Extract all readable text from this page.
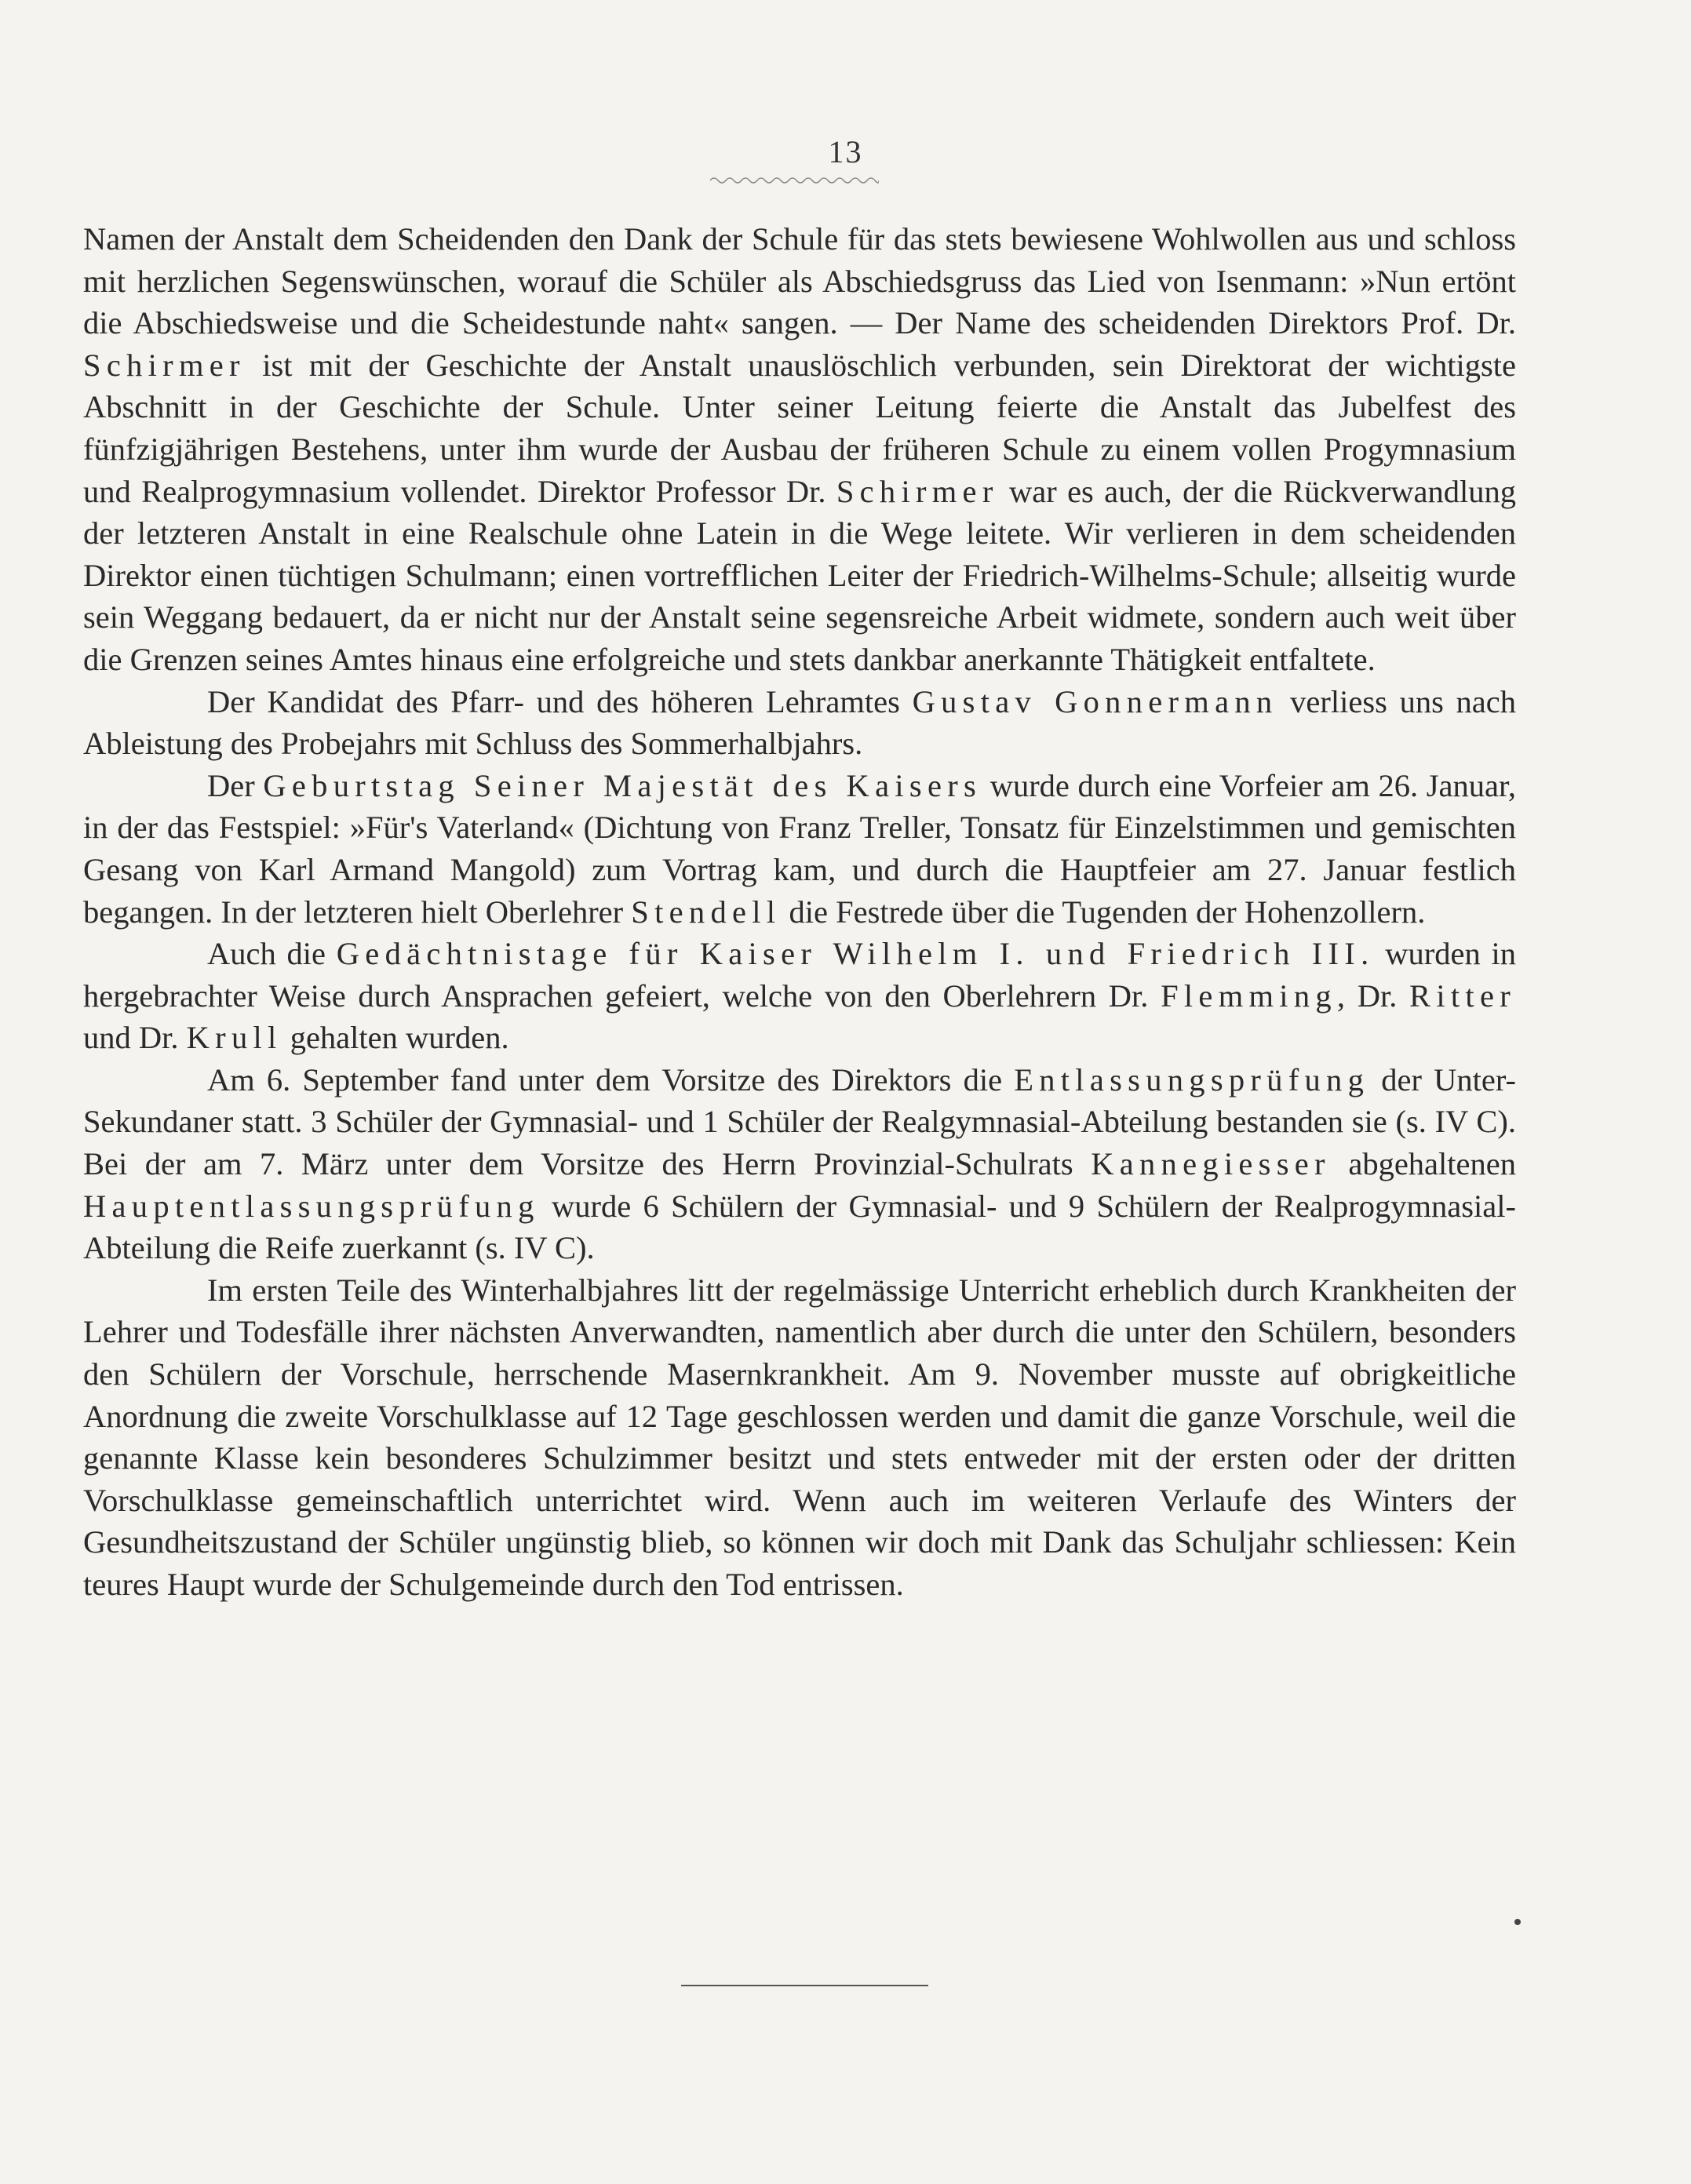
13

Namen der Anstalt dem Scheidenden den Dank der Schule für das stets bewiesene Wohlwollen aus und schloss mit herzlichen Segenswünschen, worauf die Schüler als Abschiedsgruss das Lied von Isenmann: »Nun ertönt die Abschiedsweise und die Scheidestunde naht« sangen. — Der Name des scheidenden Direktors Prof. Dr. Schirmer ist mit der Geschichte der Anstalt unauslöschlich verbunden, sein Direktorat der wichtigste Abschnitt in der Geschichte der Schule. Unter seiner Leitung feierte die Anstalt das Jubelfest des fünfzigjährigen Bestehens, unter ihm wurde der Ausbau der früheren Schule zu einem vollen Progymnasium und Realprogymnasium vollendet. Direktor Professor Dr. Schirmer war es auch, der die Rückverwandlung der letzteren Anstalt in eine Realschule ohne Latein in die Wege leitete. Wir verlieren in dem scheidenden Direktor einen tüchtigen Schulmann; einen vortrefflichen Leiter der Friedrich-Wilhelms-Schule; allseitig wurde sein Weggang bedauert, da er nicht nur der Anstalt seine segensreiche Arbeit widmete, sondern auch weit über die Grenzen seines Amtes hinaus eine erfolgreiche und stets dankbar anerkannte Thätigkeit entfaltete.

Der Kandidat des Pfarr- und des höheren Lehramtes Gustav Gonnermann verliess uns nach Ableistung des Probejahrs mit Schluss des Sommerhalbjahrs.

Der Geburtstag Seiner Majestät des Kaisers wurde durch eine Vorfeier am 26. Januar, in der das Festspiel: »Für's Vaterland« (Dichtung von Franz Treller, Tonsatz für Einzelstimmen und gemischten Gesang von Karl Armand Mangold) zum Vortrag kam, und durch die Hauptfeier am 27. Januar festlich begangen. In der letzteren hielt Oberlehrer Stendell die Festrede über die Tugenden der Hohenzollern.

Auch die Gedächtnistage für Kaiser Wilhelm I. und Friedrich III. wurden in hergebrachter Weise durch Ansprachen gefeiert, welche von den Oberlehrern Dr. Flemming, Dr. Ritter und Dr. Krull gehalten wurden.

Am 6. September fand unter dem Vorsitze des Direktors die Entlassungsprüfung der Unter-Sekundaner statt. 3 Schüler der Gymnasial- und 1 Schüler der Realgymnasial-Abteilung bestanden sie (s. IV C). Bei der am 7. März unter dem Vorsitze des Herrn Provinzial-Schulrats Kannegiesser abgehaltenen Hauptentlassungsprüfung wurde 6 Schülern der Gymnasial- und 9 Schülern der Realprogymnasial-Abteilung die Reife zuerkannt (s. IV C).

Im ersten Teile des Winterhalbjahres litt der regelmässige Unterricht erheblich durch Krankheiten der Lehrer und Todesfälle ihrer nächsten Anverwandten, namentlich aber durch die unter den Schülern, besonders den Schülern der Vorschule, herrschende Masernkrankheit. Am 9. November musste auf obrigkeitliche Anordnung die zweite Vorschulklasse auf 12 Tage geschlossen werden und damit die ganze Vorschule, weil die genannte Klasse kein besonderes Schulzimmer besitzt und stets entweder mit der ersten oder der dritten Vorschulklasse gemeinschaftlich unterrichtet wird. Wenn auch im weiteren Verlaufe des Winters der Gesundheitszustand der Schüler ungünstig blieb, so können wir doch mit Dank das Schuljahr schliessen: Kein teures Haupt wurde der Schulgemeinde durch den Tod entrissen.
